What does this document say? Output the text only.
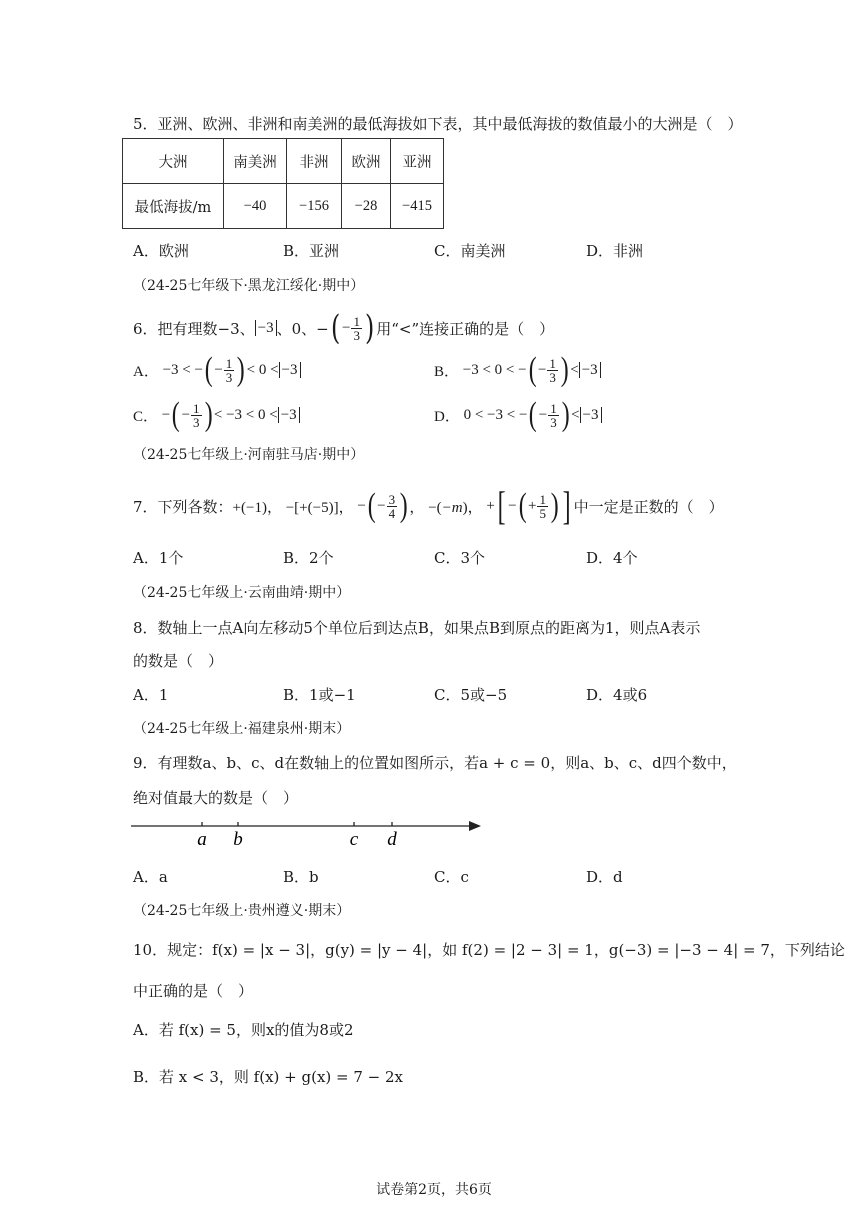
5．亚洲、欧洲、非洲和南美洲的最低海拔如下表，其中最低海拔的数值最小的大洲是（　）
大洲	南美洲	非洲	欧洲	亚洲
最低海拔/m	−40	−156	−28	−415
A．欧洲	B．亚洲	C．南美洲	D．非洲
（24-25七年级下·黑龙江绥化·期中）
6．把有理数−3、 −3 、0、− ( − $\frac{1}{3}$ ) 用“<”连接正确的是（　）
A． −3 < − ( − $\frac{1}{3}$ ) < 0 < −3	B． −3 < 0 < − ( − $\frac{1}{3}$ ) < −3
C． − ( − $\frac{1}{3}$ ) < −3 < 0 < −3	D． 0 < −3 < − ( − $\frac{1}{3}$ ) < −3
（24-25七年级上·河南驻马店·期中）
7．下列各数： +(−1)， −[+(−5)]， − ( − $\frac{3}{4}$ ) ， −(−m)， + [ − ( + $\frac{1}{5}$ ) ] 中一定是正数的（　）
A．1个	B．2个	C．3个	D．4个
（24-25七年级上·云南曲靖·期中）
8．数轴上一点A向左移动5个单位后到达点B，如果点B到原点的距离为1，则点A表示
的数是（　）
A．1	B．1或−1	C．5或−5	D．4或6
（24-25七年级上·福建泉州·期末）
9．有理数a、b、c、d在数轴上的位置如图所示，若a + c = 0，则a、b、c、d四个数中，
绝对值最大的数是（　）
a b	c d
A．a	B．b	C．c	D．d
（24-25七年级上·贵州遵义·期末）
10．规定：f(x) = |x − 3|，g(y) = |y − 4|，如 f(2) = |2 − 3| = 1，g(−3) = |−3 − 4| = 7，下列结论
中正确的是（　）
A．若 f(x) = 5，则x的值为8或2
B．若 x < 3，则 f(x) + g(x) = 7 − 2x
试卷第2页，共6页
